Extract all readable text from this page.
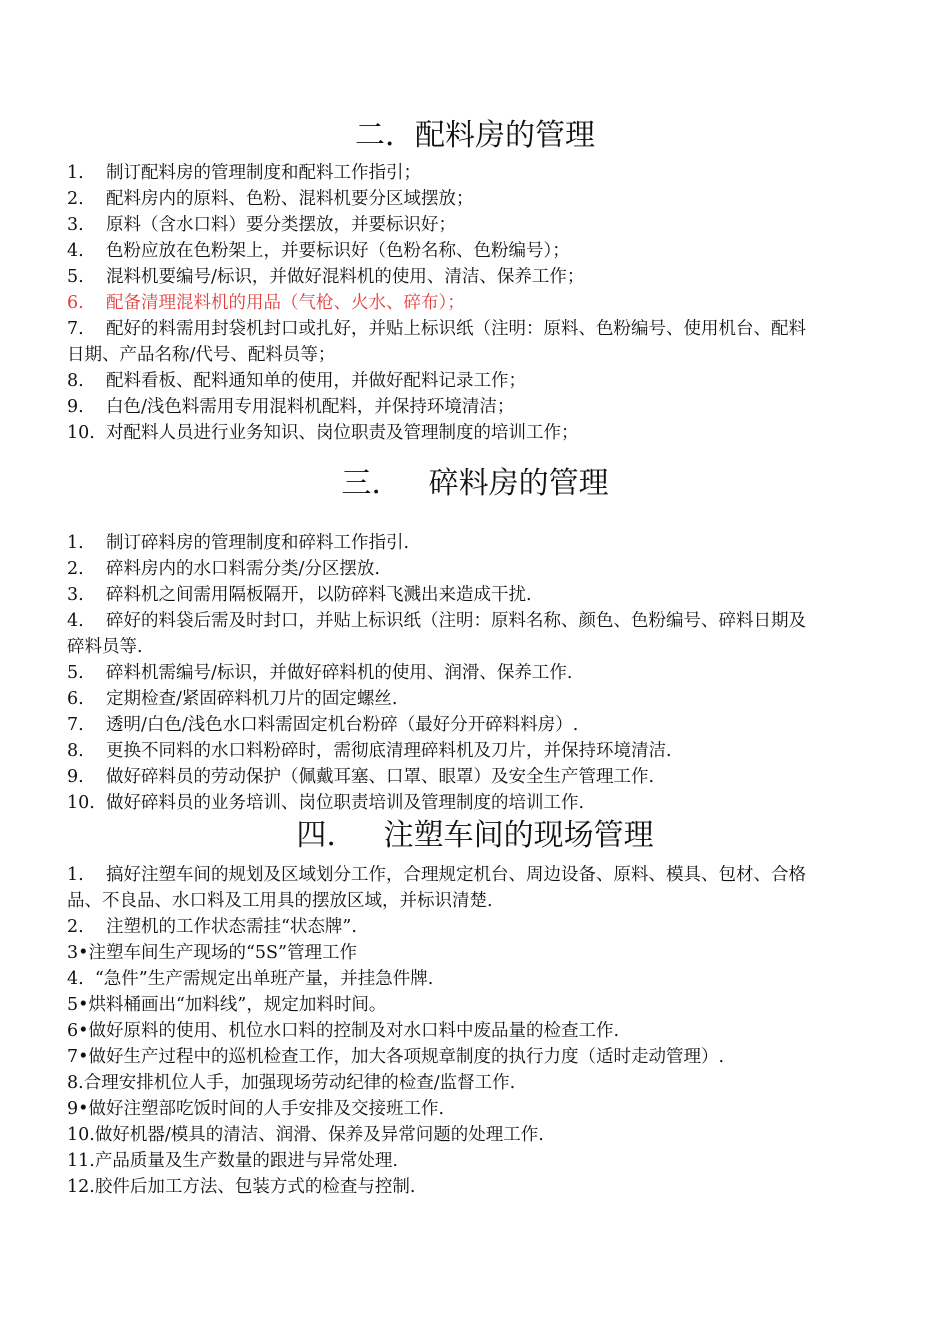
二．配料房的管理
1.    制订配料房的管理制度和配料工作指引；
2.    配料房内的原料、色粉、混料机要分区域摆放；
3.    原料（含水口料）要分类摆放，并要标识好；
4.    色粉应放在色粉架上，并要标识好（色粉名称、色粉编号）；
5.    混料机要编号/标识，并做好混料机的使用、清洁、保养工作；
6.    配备清理混料机的用品（气枪、火水、碎布）；
7.    配好的料需用封袋机封口或扎好，并贴上标识纸（注明：原料、色粉编号、使用机台、配料
日期、产品名称/代号、配料员等；
8.    配料看板、配料通知单的使用，并做好配料记录工作；
9.    白色/浅色料需用专用混料机配料，并保持环境清洁；
10.  对配料人员进行业务知识、岗位职责及管理制度的培训工作；
三.     碎料房的管理
1.    制订碎料房的管理制度和碎料工作指引.
2.    碎料房内的水口料需分类/分区摆放.
3.    碎料机之间需用隔板隔开，以防碎料飞溅出来造成干扰.
4.    碎好的料袋后需及时封口，并贴上标识纸（注明：原料名称、颜色、色粉编号、碎料日期及
碎料员等.
5.    碎料机需编号/标识，并做好碎料机的使用、润滑、保养工作.
6.    定期检查/紧固碎料机刀片的固定螺丝.
7.    透明/白色/浅色水口料需固定机台粉碎（最好分开碎料料房）.
8.    更换不同料的水口料粉碎时，需彻底清理碎料机及刀片，并保持环境清洁.
9.    做好碎料员的劳动保护（佩戴耳塞、口罩、眼罩）及安全生产管理工作.
10.  做好碎料员的业务培训、岗位职责培训及管理制度的培训工作.
四.     注塑车间的现场管理
1.    搞好注塑车间的规划及区域划分工作，合理规定机台、周边设备、原料、模具、包材、合格
品、不良品、水口料及工用具的摆放区域，并标识清楚.
2.    注塑机的工作状态需挂“状态牌”.
3•注塑车间生产现场的“5S”管理工作
4.  “急件”生产需规定出单班产量，并挂急件牌.
5•烘料桶画出“加料线”，规定加料时间。
6•做好原料的使用、机位水口料的控制及对水口料中废品量的检查工作.
7•做好生产过程中的巡机检查工作，加大各项规章制度的执行力度（适时走动管理）.
8.合理安排机位人手，加强现场劳动纪律的检查/监督工作.
9•做好注塑部吃饭时间的人手安排及交接班工作.
10.做好机器/模具的清洁、润滑、保养及异常问题的处理工作.
11.产品质量及生产数量的跟进与异常处理.
12.胶件后加工方法、包装方式的检查与控制.
